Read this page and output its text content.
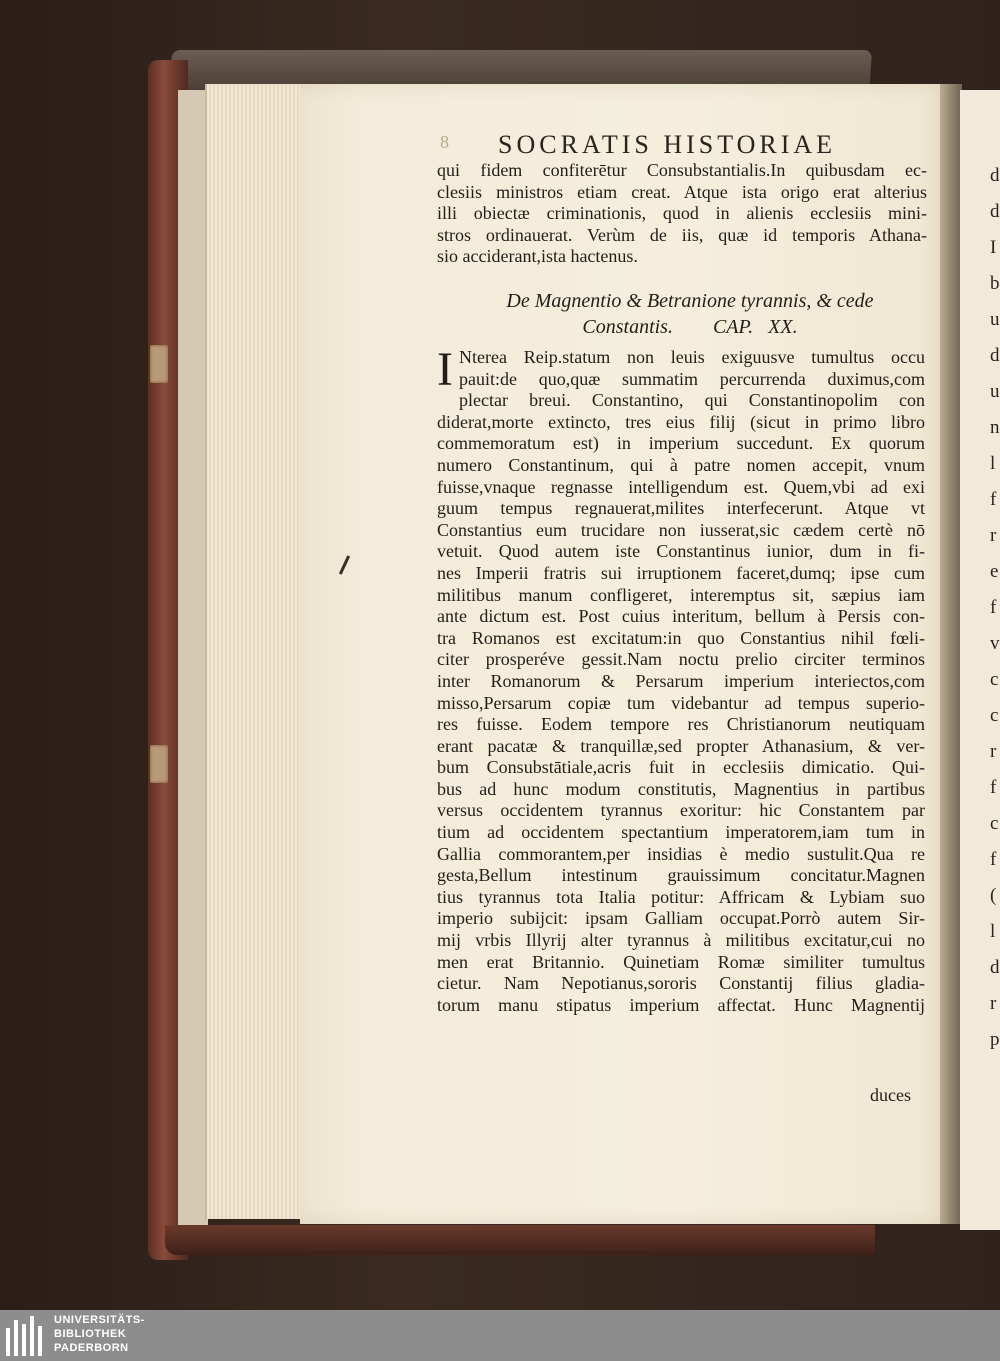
d
d
I
b
u
d
u
n
l
f
r
e
f
v
c
c
r
f
c
f
(
l
d
r
p
8 SOCRATIS HISTORIAE
qui fidem confiterētur Consubstantialis.In quibusdam ec-
clesiis ministros etiam creat. Atque ista origo erat alterius
illi obiectæ criminationis, quod in alienis ecclesiis mini-
stros ordinauerat. Verùm de iis, quæ id temporis Athana-
sio acciderant,ista hactenus.
De Magnentio & Betranione tyrannis, & cede
Constantis.        CAP.   XX.
I Nterea Reip.statum non leuis exiguusve tumultus occu
pauit:de quo,quæ summatim percurrenda duximus,com
plectar breui. Constantino, qui Constantinopolim con
diderat,morte extincto, tres eius filij (sicut in primo libro
commemoratum est) in imperium succedunt. Ex quorum
numero Constantinum, qui à patre nomen accepit, vnum
fuisse,vnaque regnasse intelligendum est. Quem,vbi ad exi
guum tempus regnauerat,milites interfecerunt. Atque vt
Constantius eum trucidare non iusserat,sic cædem certè nō
vetuit. Quod autem iste Constantinus iunior, dum in fi-
nes Imperii fratris sui irruptionem faceret,dumq; ipse cum
militibus manum confligeret, interemptus sit, sæpius iam
ante dictum est. Post cuius interitum, bellum à Persis con-
tra Romanos est excitatum:in quo Constantius nihil fœli-
citer prosperéve gessit.Nam noctu prelio circiter terminos
inter Romanorum & Persarum imperium interiectos,com
misso,Persarum copiæ tum videbantur ad tempus superio-
res fuisse. Eodem tempore res Christianorum neutiquam
erant pacatæ & tranquillæ,sed propter Athanasium, & ver-
bum Consubstātiale,acris fuit in ecclesiis dimicatio. Qui-
bus ad hunc modum constitutis, Magnentius in partibus
versus occidentem tyrannus exoritur: hic Constantem par
tium ad occidentem spectantium imperatorem,iam tum in
Gallia commorantem,per insidias è medio sustulit.Qua re
gesta,Bellum intestinum grauissimum concitatur.Magnen
tius tyrannus tota Italia potitur: Affricam & Lybiam suo
imperio subijcit: ipsam Galliam occupat.Porrò autem Sir-
mij vrbis Illyrij alter tyrannus à militibus excitatur,cui no
men erat Britannio. Quinetiam Romæ similiter tumultus
cietur. Nam Nepotianus,sororis Constantij filius gladia-
torum manu stipatus imperium affectat. Hunc Magnentij
duces
UNIVERSITÄTS-
BIBLIOTHEK
PADERBORN
